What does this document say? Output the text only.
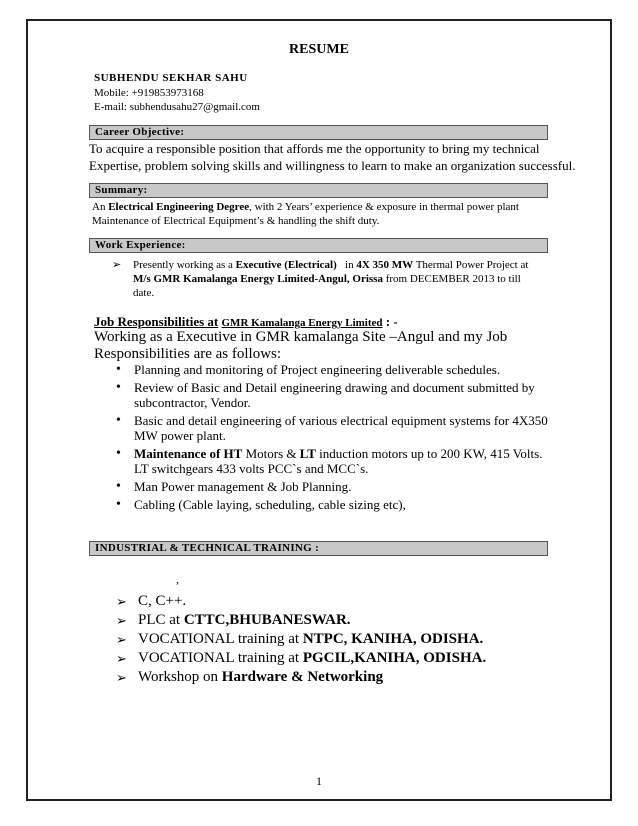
RESUME
SUBHENDU SEKHAR SAHU
Mobile: +919853973168
E-mail: subhendusahu27@gmail.com
Career Objective:
To acquire a responsible position that affords me the opportunity to bring my technical
Expertise, problem solving skills and willingness to learn to make an organization successful.
Summary:
An Electrical Engineering Degree, with 2 Years’ experience & exposure in thermal power plant
Maintenance of Electrical Equipment’s & handling the shift duty.
Work Experience:
➢ Presently working as a Executive (Electrical)   in 4X 350 MW Thermal Power Project at
M/s GMR Kamalanga Energy Limited-Angul, Orissa from DECEMBER 2013 to till
date.
Job Responsibilities at GMR Kamalanga Energy Limited : -
Working as a Executive in GMR kamalanga Site –Angul and my Job
Responsibilities are as follows:
• Planning and monitoring of Project engineering deliverable schedules.
• Review of Basic and Detail engineering drawing and document submitted by subcontractor, Vendor.
• Basic and detail engineering of various electrical equipment systems for 4X350 MW power plant.
• Maintenance of HT Motors & LT induction motors up to 200 KW, 415 Volts. LT switchgears 433 volts PCC`s and MCC`s.
• Man Power management & Job Planning.
• Cabling (Cable laying, scheduling, cable sizing etc),
INDUSTRIAL & TECHNICAL TRAINING :
,
➢ C, C++.
➢ PLC at CTTC,BHUBANESWAR.
➢ VOCATIONAL training at NTPC, KANIHA, ODISHA.
➢ VOCATIONAL training at PGCIL,KANIHA, ODISHA.
➢ Workshop on Hardware & Networking
1
